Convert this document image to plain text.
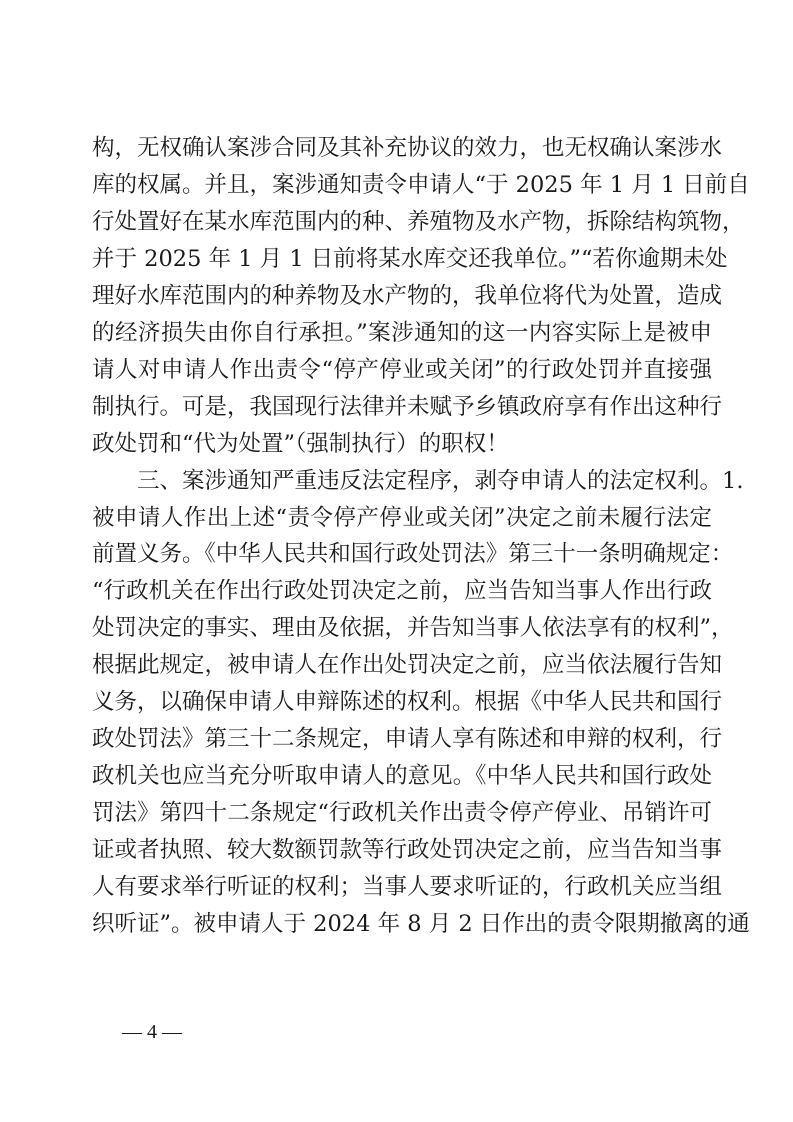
构，无权确认案涉合同及其补充协议的效力，也无权确认案涉水
库的权属。并且，案涉通知责令申请人“于 2025 年 1 月 1 日前自
行处置好在某水库范围内的种、养殖物及水产物，拆除结构筑物，
并于 2025 年 1 月 1 日前将某水库交还我单位。”“若你逾期未处
理好水库范围内的种养物及水产物的，我单位将代为处置，造成
的经济损失由你自行承担。”案涉通知的这一内容实际上是被申
请人对申请人作出责令“停产停业或关闭”的行政处罚并直接强
制执行。可是，我国现行法律并未赋予乡镇政府享有作出这种行
政处罚和“代为处置”（强制执行）的职权！
三、案涉通知严重违反法定程序，剥夺申请人的法定权利。1.
被申请人作出上述“责令停产停业或关闭”决定之前未履行法定
前置义务。《中华人民共和国行政处罚法》第三十一条明确规定：
“行政机关在作出行政处罚决定之前，应当告知当事人作出行政
处罚决定的事实、理由及依据，并告知当事人依法享有的权利”，
根据此规定，被申请人在作出处罚决定之前，应当依法履行告知
义务，以确保申请人申辩陈述的权利。根据《中华人民共和国行
政处罚法》第三十二条规定，申请人享有陈述和申辩的权利，行
政机关也应当充分听取申请人的意见。《中华人民共和国行政处
罚法》第四十二条规定“行政机关作出责令停产停业、吊销许可
证或者执照、较大数额罚款等行政处罚决定之前，应当告知当事
人有要求举行听证的权利；当事人要求听证的，行政机关应当组
织听证”。被申请人于 2024 年 8 月 2 日作出的责令限期撤离的通
— 4 —
